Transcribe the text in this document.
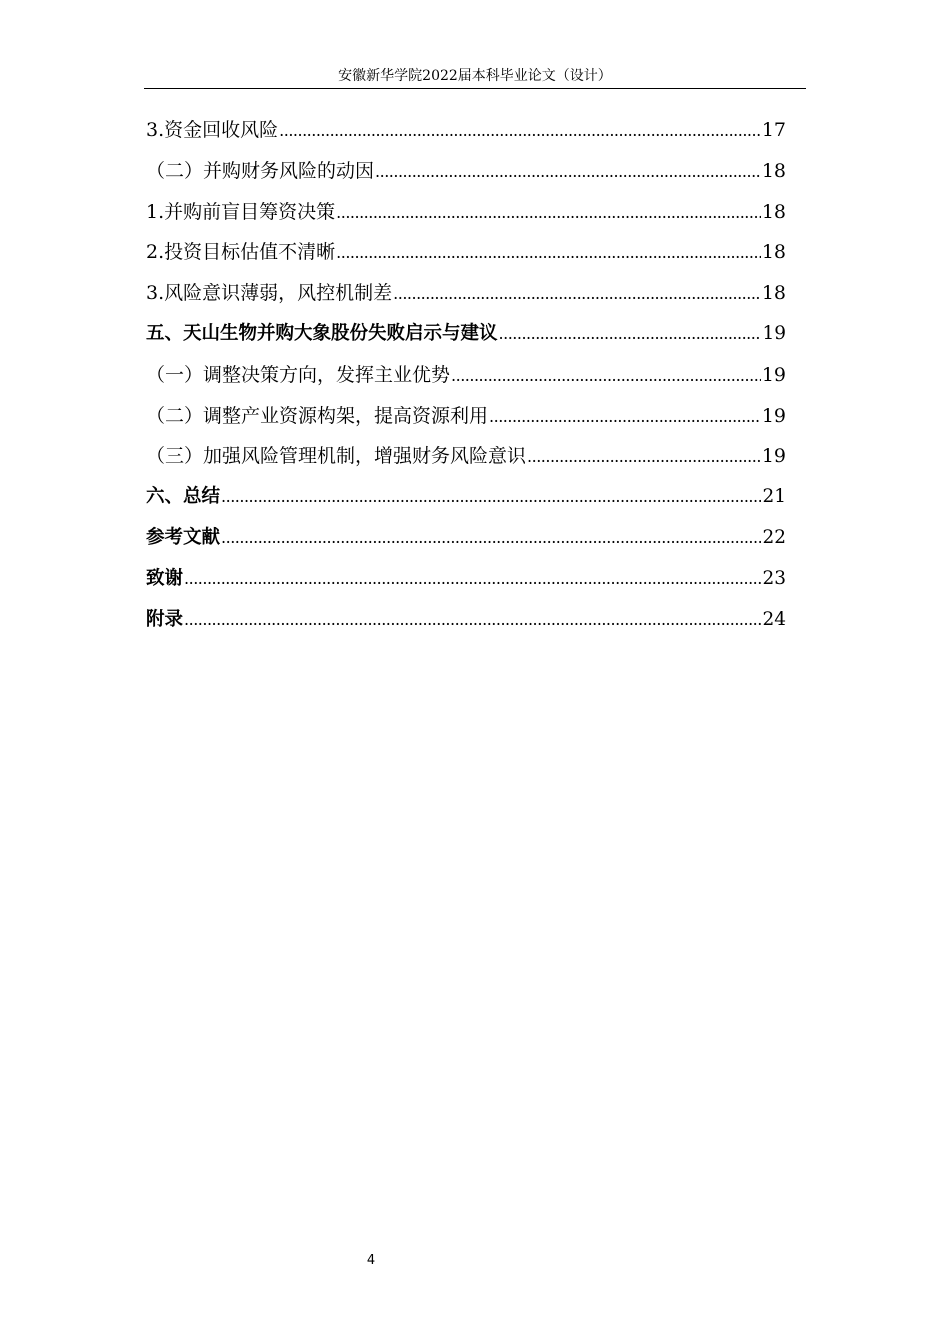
安徽新华学院2022届本科毕业论文（设计）
3.资金回收风险 .....	17
（二）并购财务风险的动因 .....	18
1.并购前盲目筹资决策 .....	18
2.投资目标估值不清晰 .....	18
3.风险意识薄弱，风控机制差 .....	18
五、天山生物并购大象股份失败启示与建议 .....	19
（一）调整决策方向，发挥主业优势 .....	19
（二）调整产业资源构架，提高资源利用 .....	19
（三）加强风险管理机制，增强财务风险意识 .....	19
六、总结 .....	21
参考文献 .....	22
致谢 .....	23
附录 .....	24
4
